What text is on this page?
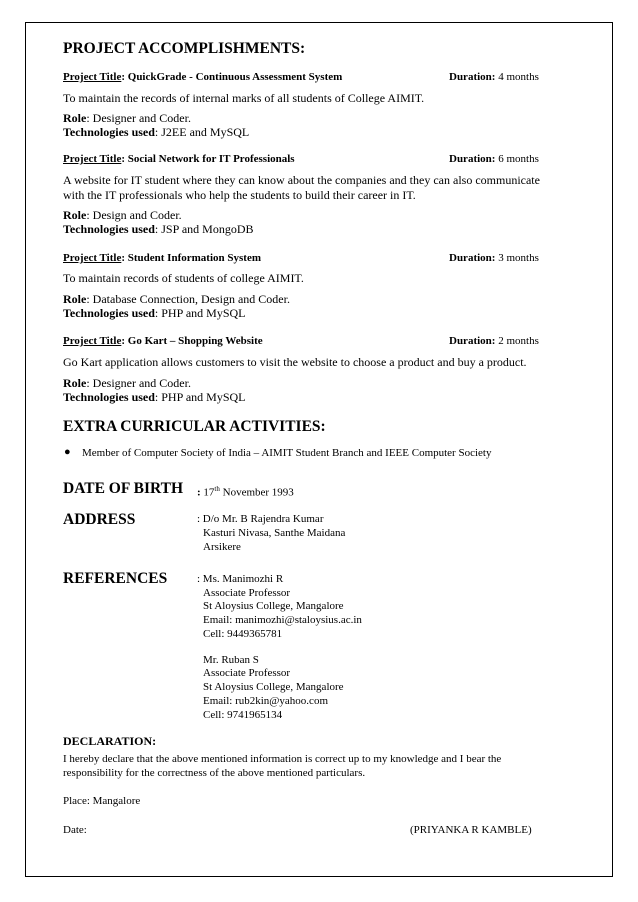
PROJECT ACCOMPLISHMENTS:
Project Title: QuickGrade - Continuous Assessment System	Duration: 4 months
To maintain the records of internal marks of all students of College AIMIT.
Role: Designer and Coder.
Technologies used: J2EE and MySQL
Project Title: Social Network for IT Professionals	Duration: 6 months
A website for IT student where they can know about the companies and they can also communicate
with the IT professionals who help the students to build their career in IT.
Role: Design and Coder.
Technologies used: JSP and MongoDB
Project Title: Student Information System	Duration: 3 months
To maintain records of students of college AIMIT.
Role: Database Connection, Design and Coder.
Technologies used: PHP and MySQL
Project Title: Go Kart – Shopping Website	Duration: 2 months
Go Kart application allows customers to visit the website to choose a product and buy a product.
Role: Designer and Coder.
Technologies used: PHP and MySQL
EXTRA CURRICULAR ACTIVITIES:
● Member of Computer Society of India – AIMIT Student Branch and IEEE Computer Society
DATE OF BIRTH : 17th November 1993
ADDRESS	: D/o Mr. B Rajendra Kumar
Kasturi Nivasa, Santhe Maidana
Arsikere
REFERENCES	: Ms. Manimozhi R
Associate Professor
St Aloysius College, Mangalore
Email: manimozhi@staloysius.ac.in
Cell: 9449365781
Mr. Ruban S
Associate Professor
St Aloysius College, Mangalore
Email: rub2kin@yahoo.com
Cell: 9741965134
DECLARATION:
I hereby declare that the above mentioned information is correct up to my knowledge and I bear the
responsibility for the correctness of the above mentioned particulars.
Place: Mangalore
Date:	(PRIYANKA R KAMBLE)
